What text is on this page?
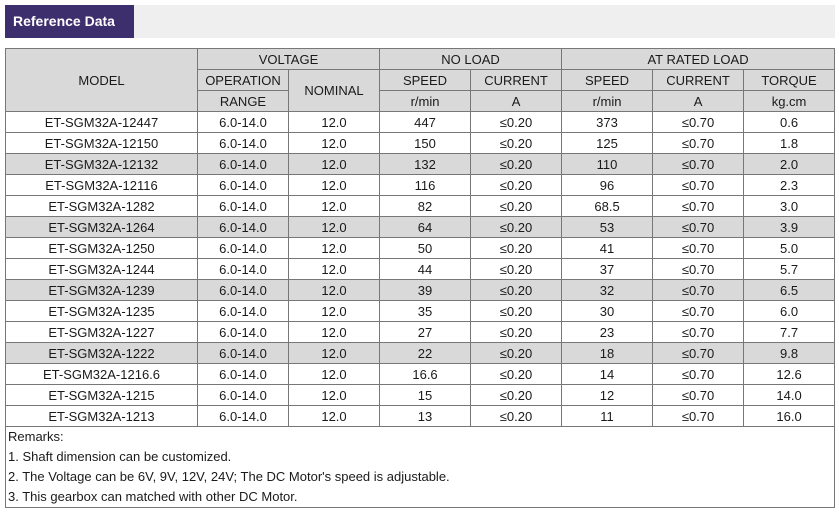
Reference Data
MODEL	VOLTAGE		NO LOAD		AT RATED LOAD		
	OPERATION	NOMINAL	SPEED	CURRENT	SPEED	CURRENT	TORQUE
	RANGE		r/min	A	r/min	A	kg.cm
ET-SGM32A-12447	6.0-14.0	12.0	447	≤0.20	373	≤0.70	0.6
ET-SGM32A-12150	6.0-14.0	12.0	150	≤0.20	125	≤0.70	1.8
ET-SGM32A-12132	6.0-14.0	12.0	132	≤0.20	110	≤0.70	2.0
ET-SGM32A-12116	6.0-14.0	12.0	116	≤0.20	96	≤0.70	2.3
ET-SGM32A-1282	6.0-14.0	12.0	82	≤0.20	68.5	≤0.70	3.0
ET-SGM32A-1264	6.0-14.0	12.0	64	≤0.20	53	≤0.70	3.9
ET-SGM32A-1250	6.0-14.0	12.0	50	≤0.20	41	≤0.70	5.0
ET-SGM32A-1244	6.0-14.0	12.0	44	≤0.20	37	≤0.70	5.7
ET-SGM32A-1239	6.0-14.0	12.0	39	≤0.20	32	≤0.70	6.5
ET-SGM32A-1235	6.0-14.0	12.0	35	≤0.20	30	≤0.70	6.0
ET-SGM32A-1227	6.0-14.0	12.0	27	≤0.20	23	≤0.70	7.7
ET-SGM32A-1222	6.0-14.0	12.0	22	≤0.20	18	≤0.70	9.8
ET-SGM32A-1216.6	6.0-14.0	12.0	16.6	≤0.20	14	≤0.70	12.6
ET-SGM32A-1215	6.0-14.0	12.0	15	≤0.20	12	≤0.70	14.0
ET-SGM32A-1213	6.0-14.0	12.0	13	≤0.20	11	≤0.70	16.0

Remarks:
1. Shaft dimension can be customized.
2. The Voltage can be 6V, 9V, 12V, 24V; The DC Motor's speed is adjustable.
3. This gearbox can matched with other DC Motor.							
